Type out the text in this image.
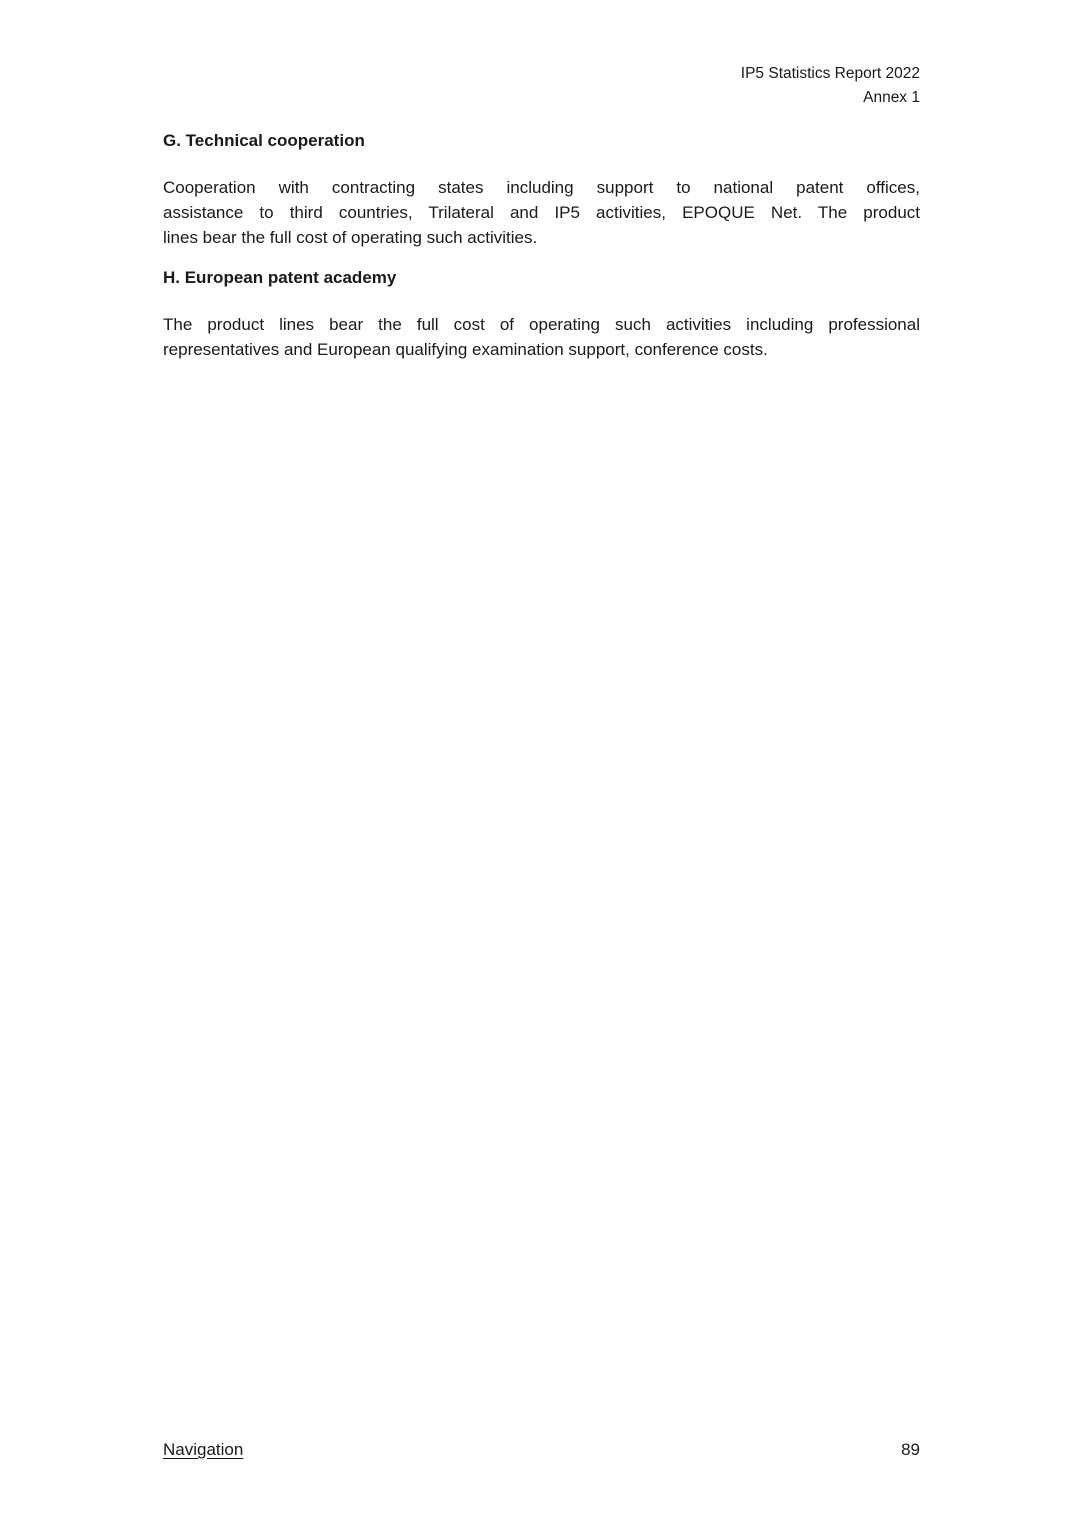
IP5 Statistics Report 2022
Annex 1
G. Technical cooperation
Cooperation with contracting states including support to national patent offices,
assistance to third countries, Trilateral and IP5 activities, EPOQUE Net. The product
lines bear the full cost of operating such activities.
H. European patent academy
The product lines bear the full cost of operating such activities including professional
representatives and European qualifying examination support, conference costs.
Navigation	89
